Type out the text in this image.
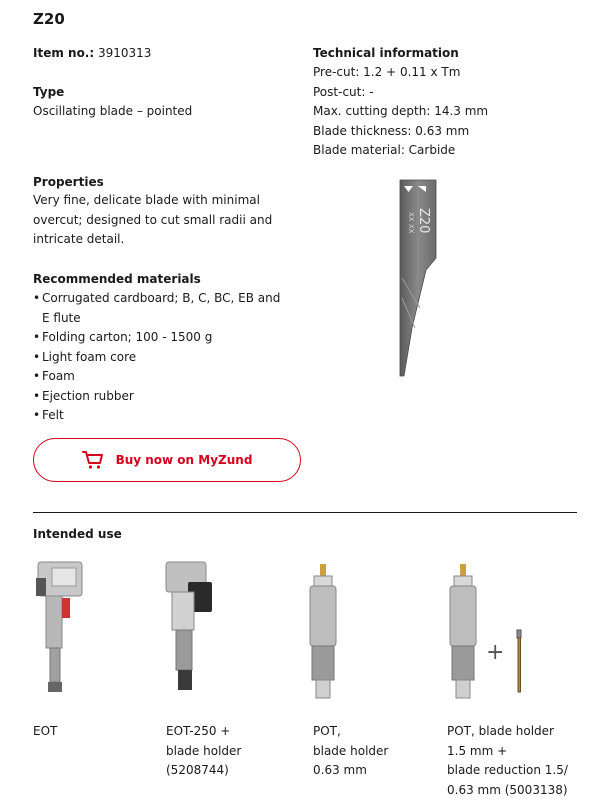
Z20
Item no.: 3910313
Type
Oscillating blade – pointed
Technical information
Pre-cut: 1.2 + 0.11 x Tm
Post-cut: -
Max. cutting depth: 14.3 mm
Blade thickness: 0.63 mm
Blade material: Carbide
Properties
Very fine, delicate blade with minimal
overcut; designed to cut small radii and
intricate detail.
Recommended materials
• Corrugated cardboard; B, C, BC, EB and E flute
• Folding carton; 100 - 1500 g
• Light foam core
• Foam
• Ejection rubber
• Felt
Z20
XX XX
Buy now on MyZund
Intended use
+
EOT	EOT-250 +
blade holder
(5208744)
POT,
blade holder
0.63 mm
POT, blade holder
1.5 mm +
blade reduction 1.5/
0.63 mm (5003138)
